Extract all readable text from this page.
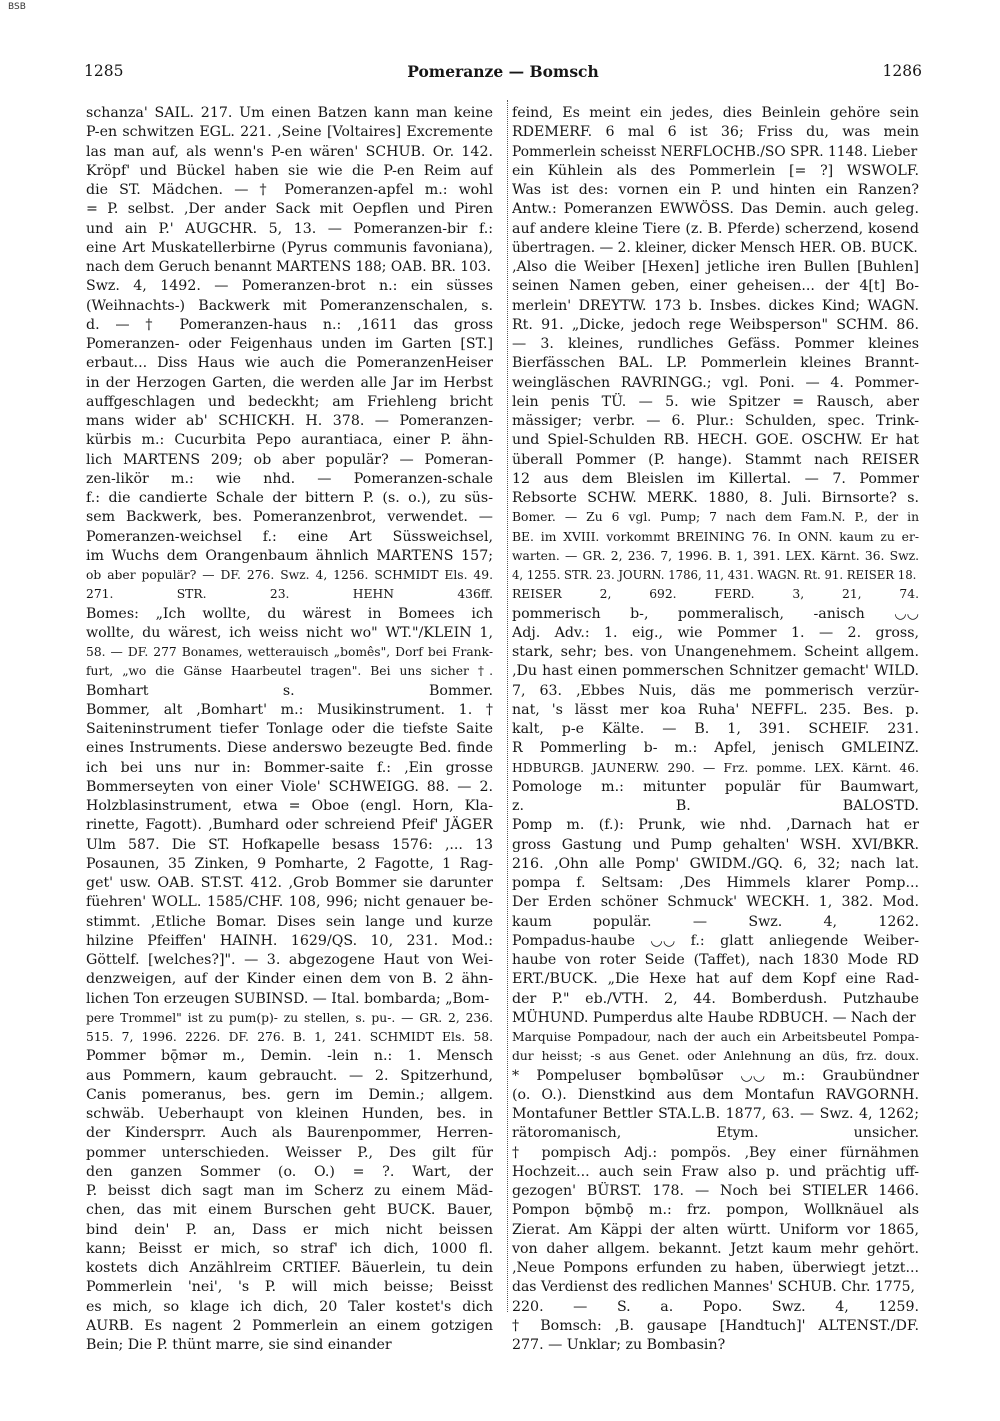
BSB
1285	Pomeranze — Bomsch	1286
schanza' SAIL. 217. Um einen Batzen kann man keine
P-en schwitzen EGL. 221. ‚Seine [Voltaires] Excremente
las man auf, als wenn's P-en wären' SCHUB. Or. 142.
Kröpf' und Bückel haben sie wie die P-en Reim auf
die ST. Mädchen. — † Pomeranzen-apfel m.: wohl
= P. selbst. ‚Der ander Sack mit Oepflen und Piren
und ain P.' AUGCHR. 5, 13. — Pomeranzen-bir f.:
eine Art Muskatellerbirne (Pyrus communis favoniana),
nach dem Geruch benannt MARTENS 188; OAB. BR. 103.
Swz. 4, 1492. — Pomeranzen-brot n.: ein süsses
(Weihnachts-) Backwerk mit Pomeranzenschalen, s.
d. — † Pomeranzen-haus n.: ‚1611 das gross
Pomeranzen- oder Feigenhaus unden im Garten [ST.]
erbaut... Diss Haus wie auch die PomeranzenHeiser
in der Herzogen Garten, die werden alle Jar im Herbst
auffgeschlagen und bedeckht; am Friehleng bricht
mans wider ab' SCHICKH. H. 378. — Pomeranzen-
kürbis m.: Cucurbita Pepo aurantiaca, einer P. ähn-
lich MARTENS 209; ob aber populär? — Pomeran-
zen-likör m.: wie nhd. — Pomeranzen-schale
f.: die candierte Schale der bittern P. (s. o.), zu süs-
sem Backwerk, bes. Pomeranzenbrot, verwendet. —
Pomeranzen-weichsel f.: eine Art Süssweichsel,
im Wuchs dem Orangenbaum ähnlich MARTENS 157;
ob aber populär? — DF. 276. Swz. 4, 1256. SCHMIDT Els. 49.
271. STR. 23. HEHN 436ff.
Bomes: „Ich wollte, du wärest in Bomees ich
wollte, du wärest, ich weiss nicht wo" WT."/KLEIN 1,
58. — DF. 277 Bonames, wetterauisch „bomês", Dorf bei Frank-
furt, „wo die Gänse Haarbeutel tragen". Bei uns sicher †.
Bomhart s. Bommer.
Bommer, alt ‚Bomhart' m.: Musikinstrument. 1. †
Saiteninstrument tiefer Tonlage oder die tiefste Saite
eines Instruments. Diese anderswo bezeugte Bed. finde
ich bei uns nur in: Bommer-saite f.: ‚Ein grosse
Bommerseyten von einer Viole' SCHWEIGG. 88. — 2.
Holzblasinstrument, etwa = Oboe (engl. Horn, Kla-
rinette, Fagott). ‚Bumhard oder schreiend Pfeif' JÄGER
Ulm 587. Die ST. Hofkapelle besass 1576: ‚... 13
Posaunen, 35 Zinken, 9 Pomharte, 2 Fagotte, 1 Rag-
get' usw. OAB. ST.ST. 412. ‚Grob Bommer sie darunter
füehren' WOLL. 1585/CHF. 108, 996; nicht genauer be-
stimmt. ‚Etliche Bomar. Dises sein lange und kurze
hilzine Pfeiffen' HAINH. 1629/QS. 10, 231. Mod.:
Göttelf. [welches?]". — 3. abgezogene Haut von Wei-
denzweigen, auf der Kinder einen dem von B. 2 ähn-
lichen Ton erzeugen SUBINSD. — Ital. bombarda; „Bom-
pere Trommel" ist zu pum(p)- zu stellen, s. pu-. — GR. 2, 236.
515. 7, 1996. 2226. DF. 276. B. 1, 241. SCHMIDT Els. 58.
Pommer bǭmər m., Demin. -lein n.: 1. Mensch
aus Pommern, kaum gebraucht. — 2. Spitzerhund,
Canis pomeranus, bes. gern im Demin.; allgem.
schwäb. Ueberhaupt von kleinen Hunden, bes. in
der Kindersprr. Auch als Baurenpommer, Herren-
pommer unterschieden. Weisser P., Des gilt für
den ganzen Sommer (o. O.) = ?. Wart, der
P. beisst dich sagt man im Scherz zu einem Mäd-
chen, das mit einem Burschen geht BUCK. Bauer,
bind dein' P. an, Dass er mich nicht beissen
kann; Beisst er mich, so straf' ich dich, 1000 fl.
kostets dich Anzählreim CRTIEF. Bäuerlein, tu dein
Pommerlein 'nei', 's P. will mich beisse; Beisst
es mich, so klage ich dich, 20 Taler kostet's dich
AURB. Es nagent 2 Pommerlein an einem gotzigen
Bein; Die P. thünt marre, sie sind einander
feind, Es meint ein jedes, dies Beinlein gehöre sein
RDEMERF. 6 mal 6 ist 36; Friss du, was mein
Pommerlein scheisst NERFLOCHB./SO SPR. 1148. Lieber
ein Kühlein als des Pommerlein [= ?] WSWOLF.
Was ist des: vornen ein P. und hinten ein Ranzen?
Antw.: Pomeranzen EWWÖSS. Das Demin. auch geleg.
auf andere kleine Tiere (z. B. Pferde) scherzend, kosend
übertragen. — 2. kleiner, dicker Mensch HER. OB. BUCK.
‚Also die Weiber [Hexen] jetliche iren Bullen [Buhlen]
seinen Namen geben, einer geheisen... der 4[t] Bo-
merlein' DREYTW. 173 b. Insbes. dickes Kind; WAGN.
Rt. 91. „Dicke, jedoch rege Weibsperson" SCHM. 86.
— 3. kleines, rundliches Gefäss. Pommer kleines
Bierfässchen BAL. LP. Pommerlein kleines Brannt-
weingläschen RAVRINGG.; vgl. Poni. — 4. Pommer-
lein penis TÜ. — 5. wie Spitzer = Rausch, aber
mässiger; verbr. — 6. Plur.: Schulden, spec. Trink-
und Spiel-Schulden RB. HECH. GOE. OSCHW. Er hat
überall Pommer (P. hange). Stammt nach REISER
12 aus dem Bleislen im Killertal. — 7. Pommer
Rebsorte SCHW. MERK. 1880, 8. Juli. Birnsorte? s.
Bomer. — Zu 6 vgl. Pump; 7 nach dem Fam.N. P., der in
BE. im XVIII. vorkommt BREINING 76. In ONN. kaum zu er-
warten. — GR. 2, 236. 7, 1996. B. 1, 391. LEX. Kärnt. 36. Swz.
4, 1255. STR. 23. JOURN. 1786, 11, 431. WAGN. Rt. 91. REISER 18.
REISER 2, 692. FERD. 3, 21, 74.
pommerisch b-, pommeralisch, -anisch ◡◡
Adj. Adv.: 1. eig., wie Pommer 1. — 2. gross,
stark, sehr; bes. von Unangenehmem. Scheint allgem.
‚Du hast einen pommerschen Schnitzer gemacht' WILD.
7, 63. ‚Ebbes Nuis, däs me pommerisch verzür-
nat, 's lässt mer koa Ruha' NEFFL. 235. Bes. p.
kalt, p-e Kälte. — B. 1, 391. SCHEIF. 231.
R Pommerling b- m.: Apfel, jenisch GMLEINZ.
HDBURGB. JAUNERW. 290. — Frz. pomme. LEX. Kärnt. 46.
Pomologe m.: mitunter populär für Baumwart,
z. B. BALOSTD.
Pomp m. (f.): Prunk, wie nhd. ‚Darnach hat er
gross Gastung und Pump gehalten' WSH. XVI/BKR.
216. ‚Ohn alle Pomp' GWIDM./GQ. 6, 32; nach lat.
pompa f. Seltsam: ‚Des Himmels klarer Pomp...
Der Erden schöner Schmuck' WECKH. 1, 382. Mod.
kaum populär. — Swz. 4, 1262.
Pompadus-haube ◡◡ f.: glatt anliegende Weiber-
haube von roter Seide (Taffet), nach 1830 Mode RD
ERT./BUCK. „Die Hexe hat auf dem Kopf eine Rad-
der P." eb./VTH. 2, 44. Bomberdush. Putzhaube
MÜHUND. Pumperdus alte Haube RDBUCH. — Nach der
Marquise Pompadour, nach der auch ein Arbeitsbeutel Pompa-
dur heisst; -s aus Genet. oder Anlehnung an düs, frz. doux.
* Pompeluser bǫmbəlūsər ◡◡ m.: Graubündner
(o. O.). Dienstkind aus dem Montafun RAVGORNH.
Montafuner Bettler STA.L.B. 1877, 63. — Swz. 4, 1262;
rätoromanisch, Etym. unsicher.
† pompisch Adj.: pompös. ‚Bey einer fürnähmen
Hochzeit... auch sein Fraw also p. und prächtig uff-
gezogen' BÜRST. 178. — Noch bei STIELER 1466.
Pompon bǭmbǭ m.: frz. pompon, Wollknäuel als
Zierat. Am Käppi der alten württ. Uniform vor 1865,
von daher allgem. bekannt. Jetzt kaum mehr gehört.
‚Neue Pompons erfunden zu haben, überwiegt jetzt...
das Verdienst des redlichen Mannes' SCHUB. Chr. 1775,
220. — S. a. Popo. Swz. 4, 1259.
† Bomsch: ‚B. gausape [Handtuch]' ALTENST./DF.
277. — Unklar; zu Bombasin?
